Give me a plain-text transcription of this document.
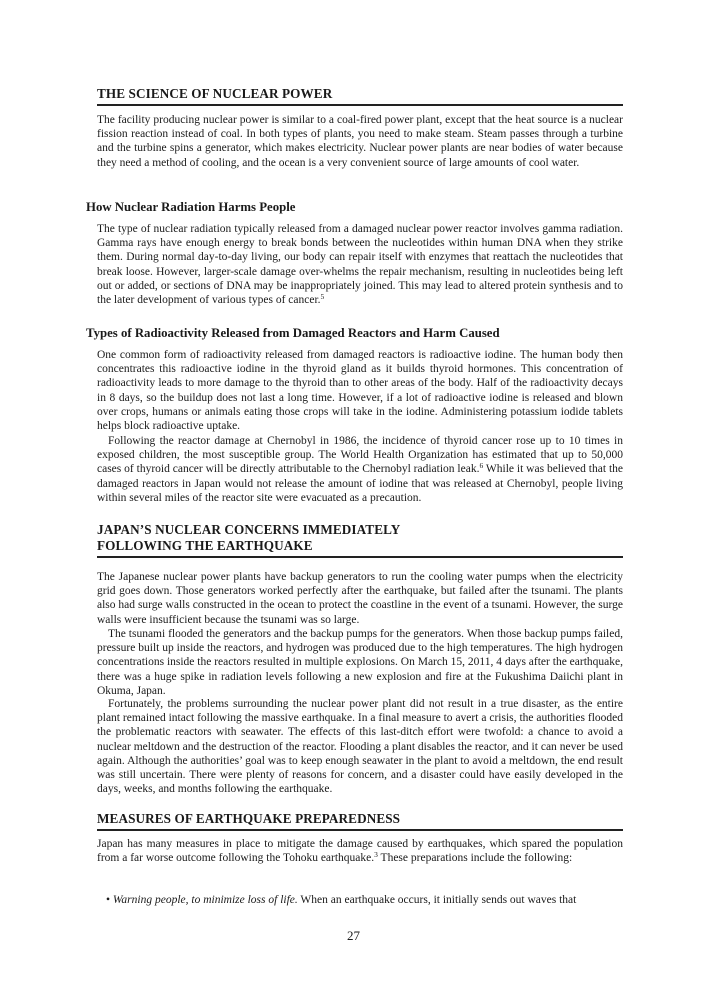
THE SCIENCE OF NUCLEAR POWER

The facility producing nuclear power is similar to a coal-fired power plant, except that the heat source is a nuclear fission reaction instead of coal. In both types of plants, you need to make steam. Steam passes through a turbine and the turbine spins a generator, which makes electricity. Nuclear power plants are near bodies of water because they need a method of cooling, and the ocean is a very convenient source of large amounts of cool water.

How Nuclear Radiation Harms People

The type of nuclear radiation typically released from a damaged nuclear power reactor involves gamma radiation. Gamma rays have enough energy to break bonds between the nucleotides within human DNA when they strike them. During normal day-to-day living, our body can repair itself with enzymes that reattach the nucleotides that break loose. However, larger-scale damage over-whelms the repair mechanism, resulting in nucleotides being left out or added, or sections of DNA may be inappropriately joined. This may lead to altered protein synthesis and to the later development of various types of cancer.$^5$

Types of Radioactivity Released from Damaged Reactors and Harm Caused

One common form of radioactivity released from damaged reactors is radioactive iodine. The human body then concentrates this radioactive iodine in the thyroid gland as it builds thyroid hormones. This concentration of radioactivity leads to more damage to the thyroid than to other areas of the body. Half of the radioactivity decays in 8 days, so the buildup does not last a long time. However, if a lot of radioactive iodine is released and blown over crops, humans or animals eating those crops will take in the iodine. Administering potassium iodide tablets helps block radioactive uptake.

Following the reactor damage at Chernobyl in 1986, the incidence of thyroid cancer rose up to 10 times in exposed children, the most susceptible group. The World Health Organization has estimated that up to 50,000 cases of thyroid cancer will be directly attributable to the Chernobyl radiation leak.$^6$ While it was believed that the damaged reactors in Japan would not release the amount of iodine that was released at Chernobyl, people living within several miles of the reactor site were evacuated as a precaution.

JAPAN’S NUCLEAR CONCERNS IMMEDIATELY
FOLLOWING THE EARTHQUAKE

The Japanese nuclear power plants have backup generators to run the cooling water pumps when the electricity grid goes down. Those generators worked perfectly after the earthquake, but failed after the tsunami. The plants also had surge walls constructed in the ocean to protect the coastline in the event of a tsunami. However, the surge walls were insufficient because the tsunami was so large.

The tsunami flooded the generators and the backup pumps for the generators. When those backup pumps failed, pressure built up inside the reactors, and hydrogen was produced due to the high temperatures. The high hydrogen concentrations inside the reactors resulted in multiple explosions. On March 15, 2011, 4 days after the earthquake, there was a huge spike in radiation levels following a new explosion and fire at the Fukushima Daiichi plant in Okuma, Japan.

Fortunately, the problems surrounding the nuclear power plant did not result in a true disaster, as the entire plant remained intact following the massive earthquake. In a final measure to avert a crisis, the authorities flooded the problematic reactors with seawater. The effects of this last-ditch effort were twofold: a chance to avoid a nuclear meltdown and the destruction of the reactor. Flooding a plant disables the reactor, and it can never be used again. Although the authorities’ goal was to keep enough seawater in the plant to avoid a meltdown, the end result was still uncertain. There were plenty of reasons for concern, and a disaster could have easily developed in the days, weeks, and months following the earthquake.

MEASURES OF EARTHQUAKE PREPAREDNESS

Japan has many measures in place to mitigate the damage caused by earthquakes, which spared the population from a far worse outcome following the Tohoku earthquake.$^3$ These preparations include the following:

• Warning people, to minimize loss of life. When an earthquake occurs, it initially sends out waves that
27
